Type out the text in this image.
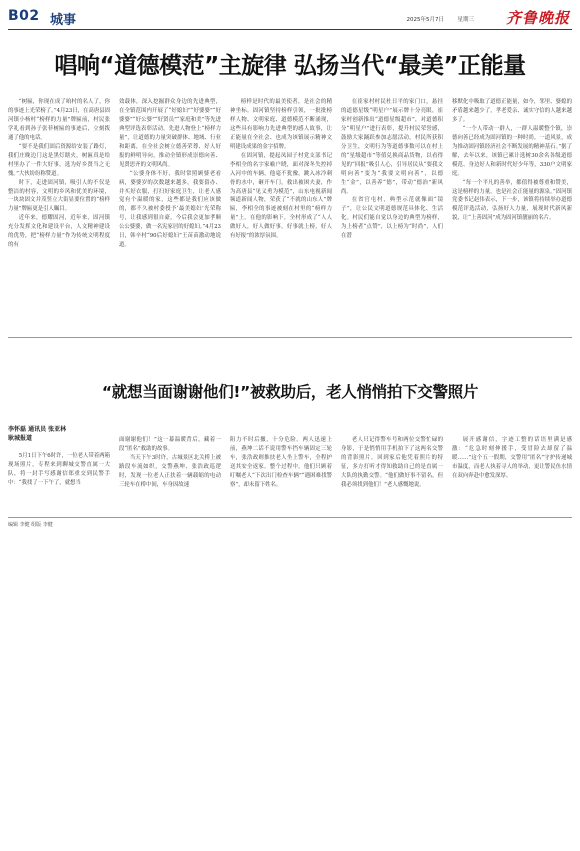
B02 城事	2025年5月7日 星期三 齐鲁晚报
唱响“道德模范”主旋律 弘扬当代“最美”正能量

“树匾，你现在成了咱村的名人了，你的事迹上光荣榜了。”4月23日，在高唐县固河镇小杨村“榜样的力量”牌匾前，村民张学礼看到孙子张菲树匾的事迹后，立刻拨通了他的电话。

“要不是我们固后资源给安装了路灯，我们庄晚边门这是黑灯瞎火，树匾真是给村里办了一件大好事，选为好乡贤当之无愧。”大伙纷纷称赞道。

时下，走进固河镇，吸引人的不仅是整洁的村容，文明的乡风和优美的环境，一块块固文并茂竖立大街显要位置的“榜样力量”牌匾更是引人瞩目。

近年来，德耀固河，近年来，固河镇充分发挥文化和建设平台，人文精神建设的优势，把“榜样力量”作为传统文明程度的有

效载体，深入挖掘群众身边的先进典型，在全镇范围内开展了“好媳妇”“好婆婆”“好婆婆”“好公婆”“好贤员”“家庭和美”等先进典型评选表彰活动，先进人物登上“榜样力量”，让道德的力量突破群体、地域、行业和距离，在全社会树立德善荣尊、好人好报的鲜明导向，推动全镇形成崇德向善、见贤思齐的文明风尚。

“公婆身体不好，我时常照顾婆老看病，婆婆岁的次数越来越多，我要留办、并买好衣服，打扫好家庭卫生，让老人感觉有个温暖的家，这些都是我们应该做的，都不久被村委授予‘最美媳妇’光荣称号，让我感到很自豪，今后我会更加孝顺公公婆婆，做一名宪家居的好媳妇。”4月23日，韩辛村“90后好媳妇”王苗苗激动地说道。

榜样是时代的最美使者，是社会的精神坐标。固河镇坚持榜样引领，一批批榜样人物、文明家庭、道德模范不断涌现，这些具有影响力先进典型的感人故事，让正能量在全社会、也成为该镇展示精神文明建设成果的金字招牌。

在固河镇，提起凤园子村党支部书记李相全的名字家喻户晓，面对深冬失控掉入河中的车辆，他毫不犹豫，跳入冰冷刺骨的水中，砸开车门，救出被困夫妻，作为高唐县“见义勇为模范”，山东电视新闻频道新闻人物，荣获了“不就的山东人”牌匾，李相全的事迹被刻在村里的“榜样力量”上。在他的影响下，全村形成了“人人做好人，好人做好事，好事就上榜，好人有好报”的浓厚氛围。

在崔家村村民杜日平的家门口，悬挂的道德星级“明星户”展示牌十分亮眼，崔家村创新推出“道德星级超市”，对道德积分“明星户”进行表彰，提升村民荣誉感，鼓励大家踊跃参加志愿活动，村民所获积分卫生，文明行为等道德事数可以在村上的“星级超市”等值兑换商品货物，以看得见的“回报”吸引人心，引导居民从“要我文明向善”变为“我要文明向善”，以德生“金”，以善养“德”，带动“德治”新风尚。

在省官屯村，典型示范就像面“镜子”，让公民文明道德规范具体化、生活化。村民们能自觉以身边的典型为榜样，为上榜者“点赞”，以上榜为“时尚”，人们在潜

移默化中吸取了道德正能量，如今，邻里、婆媳的矛盾越来越少了，孝老爱亲、诚实守信的人越来越多了。

“一个人带动一群人，一群人温暖整个镇，崇德向善已经成为固河镇的一种时尚。一道风景，成为推动固河镇经济社会不断发展的精神基石。”据了解，去年以来，该镇已累计选树30余名各级道德模范、身边好人和新时代好少年等，330户文明家庭。

“每一个平凡的善举，都值得被尊重和赞美，这是榜样的力量，也是社会正能量的源泉。”固河镇党委书记赵伟表示，下一步，该镇将持续举办道德模范评选活动，弘扬好人力量，展现时代新风新貌，让“上善固河”成为固河镇靓丽的名片。

“就想当面谢谢他们!”被救助后，老人悄悄拍下交警照片
李怀磊 通讯员 张亚林
耿城报道

5月1日下午6时许，一位老人带着两箱现场照片，专程来到聊城交警直属一大队，将一封手写感谢信郑重交到民警手中：“我找了一下午了，就想当

面谢谢他们！”这一幕温暖背后，藏着一段“匿名”救助的故事。

当天下午3时许，古城景区北关桥上被路段车流如织，交警燕坤、张浩政巡逻时，发现一位老人正扶着一辆载缩的电动三轮车在桥中间，车身因故速

阻力不时后撤，十分危险。两人迅速上前，燕坤二话不说用警车挡车辆固定三轮车，张浩政则推扶老人坐上警车，全程护送其安全返家。整个过程中，他们只顾着叮嘱老人“下次出门检查车辆”“遇困难找警察”，却未留下姓名。

老人只记得警车号和两位交警忙碌的身影，于是悄悄用手机拍下了这两名交警的背影照片。回到家后他凭着照片的特征，多方打听才得知救助自己的是直属一大队的执勤交警。“他们做好事不留名，但我必须找到他们！”老人感慨地说。

展开感谢信，字迹工整的话语里满是感激：“危急时刻伸援手，受冒险去却留了温暖……”这个五一假期，交警用“匿名”守护传递城市温度，而老人执着寻人的举动，更让警民鱼水情在双向奔赴中愈发深厚。

编辑 李健 组版 李健
